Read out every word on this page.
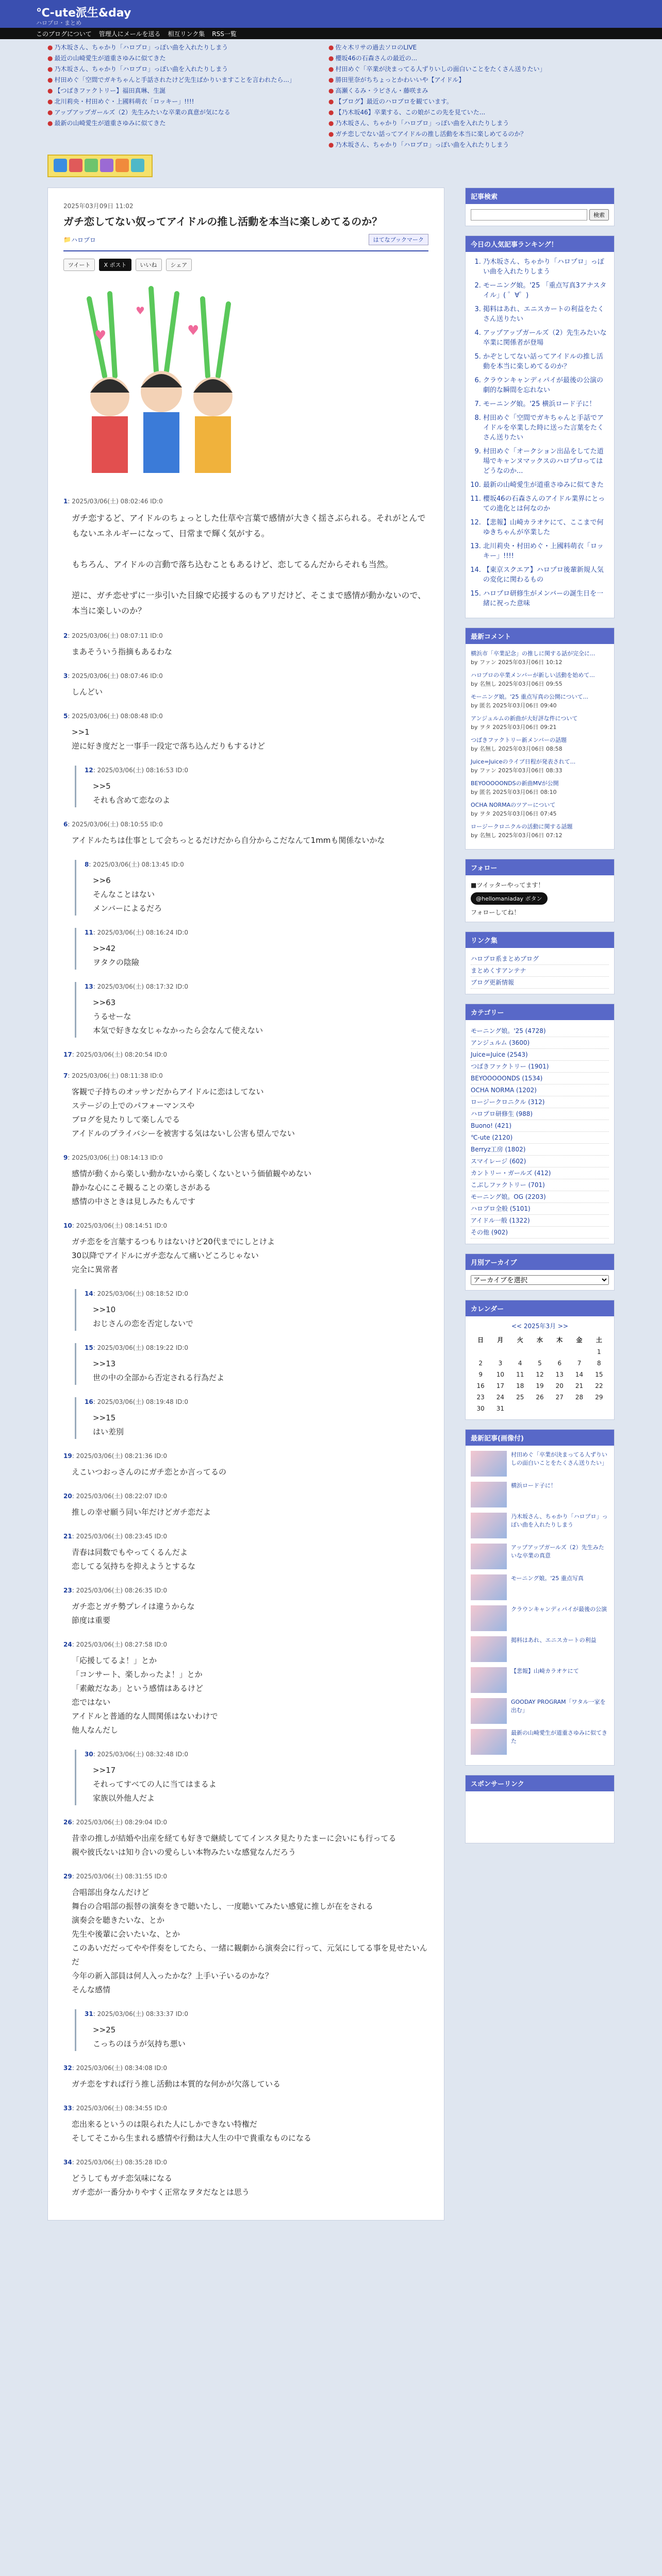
℃-ute派生&day
ハロプロ・まとめ
このブログについて 管理人にメールを送る 相互リンク集 RSS一覧
● 乃木坂さん、ちゃかり「ハロプロ」っぽい曲を入れたりしまう
● 最近の山崎愛生が道重さゆみに似てきた
● 乃木坂さん、ちゃかり「ハロプロ」っぽい曲を入れたりしまう
● 村田めぐ「空間でガキちゃんと手話されたけど先生ばかりいますことを言われたら...」
● 【つばきファクトリー】福田真琳、生誕
● 北川莉央・村田めぐ・上國料萌衣「ロッキー」!!!!
● アップアップガールズ（2）先生みたいな卒業の真意が気になる
● 最新の山崎愛生が道重さゆみに似てきた
● 佐々木リサの過去ソロのLIVE
● 櫻坂46の石森さんの最近の...
● 村田めぐ「卒業が決まってる人ずりいしの面白いことをたくさん送りたい」
● 勝田里奈がちちょっとかわいいや【アイドル】
● 高瀬くるみ・ラビさん・藤咲まみ
● 【ブログ】最近のハロプロを観ています。
● 【乃木坂46】卒業する、この娘がこの先を見ていた...
● 乃木坂さん、ちゃかり「ハロプロ」っぽい曲を入れたりしまう
● ガチ恋しでない話ってアイドルの推し活動を本当に楽しめてるのか？
● 乃木坂さん、ちゃかり「ハロプロ」っぽい曲を入れたりしまう
2025年03月09日 11:02
ガチ恋してない奴ってアイドルの推し活動を本当に楽しめてるのか？
📁 ハロプロ	はてなブックマーク
ツイート	X ポスト	いいね	シェア
♥	♥
♥
1: 2025/03/06(土) 08:02:46 ID:0
ガチ恋するど、アイドルのちょっとした仕草や言葉で感情が大きく揺さぶられる。それがとんでもないエネルギーになって、日常まで輝く気がする。

もちろん、アイドルの言動で落ち込むこともあるけど、恋してるんだからそれも当然。

逆に、ガチ恋せずに一歩引いた目線で応援するのもアリだけど、そこまで感情が動かないので、本当に楽しいのか？
2: 2025/03/06(土) 08:07:11 ID:0
まあそういう指摘もあるわな
3: 2025/03/06(土) 08:07:46 ID:0
しんどい
5: 2025/03/06(土) 08:08:48 ID:0
>>1
逆に好き度だと一事手一段定で落ち込んだりもするけど
12: 2025/03/06(土) 08:16:53 ID:0
>>5
それも含めて恋なのよ
6: 2025/03/06(土) 08:10:55 ID:0
アイドルたちは仕事として会ちっとるだけだから自分からこだなんて1mmも関係ないかな
8: 2025/03/06(土) 08:13:45 ID:0
>>6
そんなことはない
メンバーによるだろ
11: 2025/03/06(土) 08:16:24 ID:0
>>42
ヲタクの陰險
13: 2025/03/06(土) 08:17:32 ID:0
>>63
うるせーな
本気で好きな女じゃなかったら会なんて使えない
17: 2025/03/06(土) 08:20:54 ID:0
7: 2025/03/06(土) 08:11:38 ID:0
客観で子持ちのオッサンだからアイドルに恋はしてない
ステージの上でのパフォーマンスや
ブログを見たりして楽しんでる
アイドルのプライバシーを被害する気はないし公害も望んでない
9: 2025/03/06(土) 08:14:13 ID:0
感情が動くから楽しい動かないから楽しくないという価値観やめない
静かな心にこそ観ることの楽しさがある
感情の中さときは見しみたもんです
10: 2025/03/06(土) 08:14:51 ID:0
ガチ恋をを言葉するつもりはないけど20代までにしとけよ
30以降でアイドルにガチ恋なんて痛いどころじゃない
完全に異常者
14: 2025/03/06(土) 08:18:52 ID:0
>>10
おじさんの恋を否定しないで
15: 2025/03/06(土) 08:19:22 ID:0
>>13
世の中の全部から否定される行為だよ
16: 2025/03/06(土) 08:19:48 ID:0
>>15
はい差別
19: 2025/03/06(土) 08:21:36 ID:0
えこいつおっさんのにガチ恋とか言ってるの
20: 2025/03/06(土) 08:22:07 ID:0
推しの幸せ願う同い年だけどガチ恋だよ
21: 2025/03/06(土) 08:23:45 ID:0
青春は同数でもやってくるんだよ
恋してる気持ちを抑えようとするな
23: 2025/03/06(土) 08:26:35 ID:0
ガチ恋とガチ勢プレイは違うからな
節度は重要
24: 2025/03/06(土) 08:27:58 ID:0
「応援してるよ！」とか
「コンサート、楽しかったよ！」とか
「素敵だなあ」という感情はあるけど
恋ではない
アイドルと普通的な人間関係はないわけで
他人なんだし
30: 2025/03/06(土) 08:32:48 ID:0
>>17
それってすべての人に当てはまるよ
家族以外他人だよ
26: 2025/03/06(土) 08:29:04 ID:0
昔幸の推しが結婚や出産を経ても好きで継続しててインスタ見たりたまーに会いにも行ってる
親や彼氏ないは知り合いの愛らしい本物みたいな感覚なんだろう
29: 2025/03/06(土) 08:31:55 ID:0
合唱部出身なんだけど
舞台の合唱部の振替の演奏をきで聴いたし、一度聴いてみたい感覚に推しが在をされる
演奏会を聴きたいな、とか
先生や後輩に会いたいな、とか
このあいだだってやや伴奏をしてたら、一緒に観劇から演奏会に行って、元気にしてる事を見せたいんだ
今年の新入部員は何人入ったかな？上手い子いるのかな？
そんな感情
31: 2025/03/06(土) 08:33:37 ID:0
>>25
こっちのほうが気持ち悪い
32: 2025/03/06(土) 08:34:08 ID:0
ガチ恋をすれば行う推し活動は本質的な何かが欠落している
33: 2025/03/06(土) 08:34:55 ID:0
恋出来るというのは限られた人にしかできない特権だ
そしてそこから生まれる感情や行動は大人生の中で貴重なものになる
34: 2025/03/06(土) 08:35:28 ID:0
どうしてもガチ恋気味になる
ガチ恋が一番分かりやすく正常なヲタだなとは思う
記事検索
検索
今日の人気記事ランキング！
1. 乃木坂さん、ちゃかり「ハロプロ」っぽい曲を入れたりしまう
2. モーニング娘。'25 「重点写真3アナスタイル」( ゜∀゜)
3. 掲料はあれ、エニスカートの利益をたくさん送りたい
4. アップアップガールズ（2）先生みたいな卒業に関係者が登場
5. かぞとしてない話ってアイドルの推し活動を本当に楽しめてるのか？
6. クラウンキャンディパイが最後の公演の劇的な瞬間を忘れない
7. モーニング娘。'25 横浜ロード子に！
8. 村田めぐ「空間でガキちゃんと手話でアイドルを卒業した時に送った言葉をたくさん送りたい
9. 村田めぐ「オークション出品をしてた道場でキャンヌマックスのハロプロってはどうなのか...
10. 最新の山崎愛生が道重さゆみに似てきた
11. 櫻坂46の石森さんのアイドル業界にとっての進化とは何なのか
12. 【悲報】山崎カラオケにて、ここまで何ゆきちゃんが卒業した
13. 北川莉央・村田めぐ・上國料萌衣「ロッキー」!!!!
14. 【東京スクエア】ハロプロ後輩新規人気の変化に関わるもの
15. ハロプロ研修生がメンバーの誕生日を一緒に祝った意味
最新コメント
横浜市「卒業記念」の推しに関する話が完全に...
by ファン 2025年03月06日 10:12
ハロプロの卒業メンバーが新しい活動を始めて...
by 名無し 2025年03月06日 09:55
モーニング娘。'25 重点写真の公開について...
by 匿名 2025年03月06日 09:40
アンジュルムの新曲が大好評な件について
by ヲタ 2025年03月06日 09:21
つばきファクトリー新メンバーの話題
by 名無し 2025年03月06日 08:58
Juice=Juiceのライブ日程が発表されて...
by ファン 2025年03月06日 08:33
BEYOOOOONDSの新曲MVが公開
by 匿名 2025年03月06日 08:10
OCHA NORMAのツアーについて
by ヲタ 2025年03月06日 07:45
ロージークロニクルの活動に関する話題
by 名無し 2025年03月06日 07:12
フォロー
■ツイッターやってます！
@hellomaniaday ボタン
フォローしてね！
リンク集
ハロプロ系まとめブログ
まとめくすアンテナ
ブログ更新情報
カテゴリー
モーニング娘。'25 (4728)
アンジュルム (3600)
Juice=Juice (2543)
つばきファクトリー (1901)
BEYOOOOONDS (1534)
OCHA NORMA (1202)
ロージークロニクル (312)
ハロプロ研修生 (988)
Buono! (421)
℃-ute (2120)
Berryz工房 (1802)
スマイレージ (602)
カントリー・ガールズ (412)
こぶしファクトリー (701)
モーニング娘。OG (2203)
ハロプロ全般 (5101)
アイドル一般 (1322)
その他 (902)
月別アーカイブ
アーカイブを選択
カレンダー
<< 2025年3月 >>
日	月	火	水	木	金	土
						1
2	3	4	5	6	7	8
9	10	11	12	13	14	15
16	17	18	19	20	21	22
23	24	25	26	27	28	29
30	31					
最新記事(画像付)
村田めぐ「卒業が決まってる人ずりいしの面白いことをたくさん送りたい」
横浜ロード子に！
乃木坂さん、ちゃかり「ハロプロ」っぽい曲を入れたりしまう
アップアップガールズ（2）先生みたいな卒業の真意
モーニング娘。'25 重点写真
クラウンキャンディパイが最後の公演
掲料はあれ、エニスカートの利益
【悲報】山崎カラオケにて
GOODAY PROGRAM「ワタル一家を出む」
最新の山崎愛生が道重さゆみに似てきた
スポンサーリンク
